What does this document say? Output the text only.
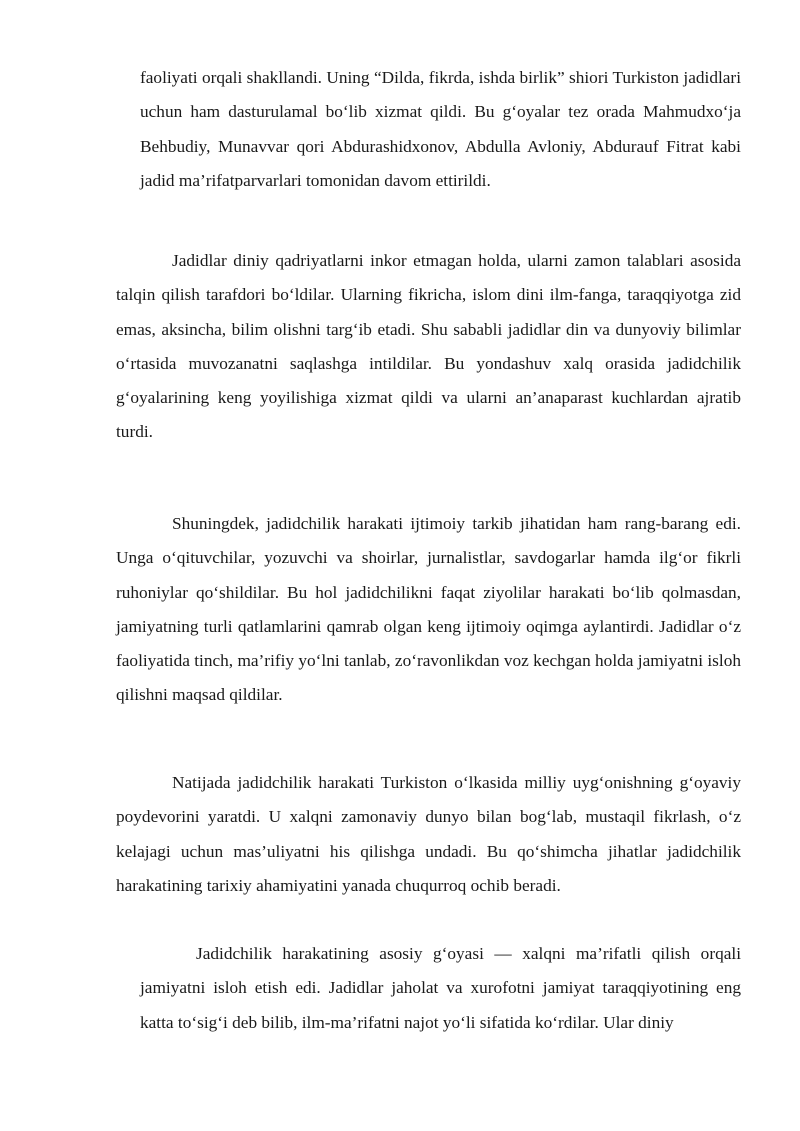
faoliyati orqali shakllandi. Uning “Dilda, fikrda, ishda birlik” shiori Turkiston jadidlari uchun ham dasturulamal bo‘lib xizmat qildi. Bu g‘oyalar tez orada Mahmudxo‘ja Behbudiy, Munavvar qori Abdurashidxonov, Abdulla Avloniy, Abdurauf Fitrat kabi jadid ma’rifatparvarlari tomonidan davom ettirildi.

Jadidlar diniy qadriyatlarni inkor etmagan holda, ularni zamon talablari asosida talqin qilish tarafdori bo‘ldilar. Ularning fikricha, islom dini ilm-fanga, taraqqiyotga zid emas, aksincha, bilim olishni targ‘ib etadi. Shu sababli jadidlar din va dunyoviy bilimlar o‘rtasida muvozanatni saqlashga intildilar. Bu yondashuv xalq orasida jadidchilik g‘oyalarining keng yoyilishiga xizmat qildi va ularni an’anaparast kuchlardan ajratib turdi.

Shuningdek, jadidchilik harakati ijtimoiy tarkib jihatidan ham rang-barang edi. Unga o‘qituvchilar, yozuvchi va shoirlar, jurnalistlar, savdogarlar hamda ilg‘or fikrli ruhoniylar qo‘shildilar. Bu hol jadidchilikni faqat ziyolilar harakati bo‘lib qolmasdan, jamiyatning turli qatlamlarini qamrab olgan keng ijtimoiy oqimga aylantirdi. Jadidlar o‘z faoliyatida tinch, ma’rifiy yo‘lni tanlab, zo‘ravonlikdan voz kechgan holda jamiyatni isloh qilishni maqsad qildilar.

Natijada jadidchilik harakati Turkiston o‘lkasida milliy uyg‘onishning g‘oyaviy poydevorini yaratdi. U xalqni zamonaviy dunyo bilan bog‘lab, mustaqil fikrlash, o‘z kelajagi uchun mas’uliyatni his qilishga undadi. Bu qo‘shimcha jihatlar jadidchilik harakatining tarixiy ahamiyatini yanada chuqurroq ochib beradi.

Jadidchilik harakatining asosiy g‘oyasi — xalqni ma’rifatli qilish orqali jamiyatni isloh etish edi. Jadidlar jaholat va xurofotni jamiyat taraqqiyotining eng katta to‘sig‘i deb bilib, ilm-ma’rifatni najot yo‘li sifatida ko‘rdilar. Ular diniy
